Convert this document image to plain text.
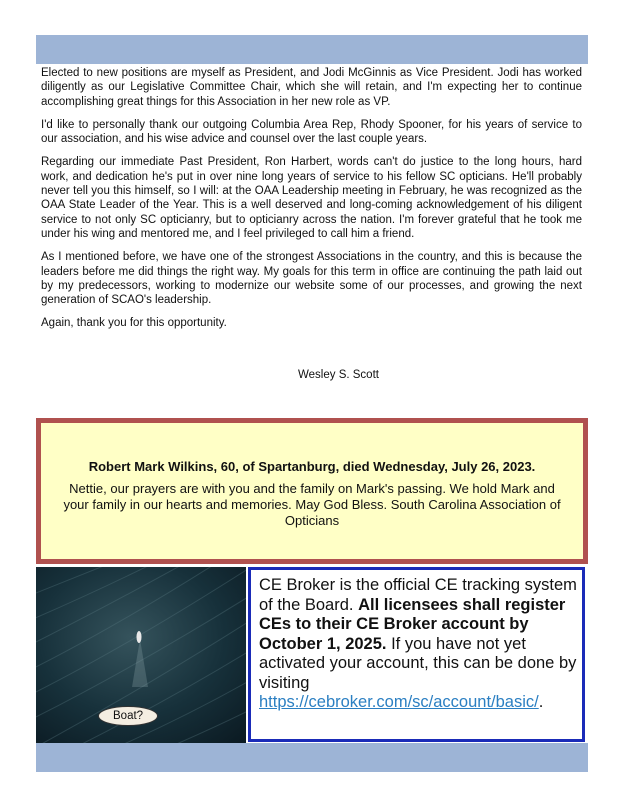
Elected to new positions are myself as President, and Jodi McGinnis as Vice President. Jodi has worked diligently as our Legislative Committee Chair, which she will retain, and I'm expecting her to continue accomplishing great things for this Association in her new role as VP.

I'd like to personally thank our outgoing Columbia Area Rep, Rhody Spooner, for his years of service to our association, and his wise advice and counsel over the last couple years.

Regarding our immediate Past President, Ron Harbert, words can't do justice to the long hours, hard work, and dedication he's put in over nine long years of service to his fellow SC opticians. He'll probably never tell you this himself, so I will: at the OAA Leadership meeting in February, he was recognized as the OAA State Leader of the Year. This is a well deserved and long-coming acknowledgement of his diligent service to not only SC opticianry, but to opticianry across the nation. I'm forever grateful that he took me under his wing and mentored me, and I feel privileged to call him a friend.

As I mentioned before, we have one of the strongest Associations in the country, and this is because the leaders before me did things the right way. My goals for this term in office are continuing the path laid out by my predecessors, working to modernize our website some of our processes, and growing the next generation of SCAO's leadership.

Again, thank you for this opportunity.

Wesley S. Scott
Robert Mark Wilkins, 60, of Spartanburg, died Wednesday, July 26, 2023.
Nettie, our prayers are with you and the family on Mark's passing. We hold Mark and your family in our hearts and memories. May God Bless. South Carolina Association of Opticians
Boat?
CE Broker is the official CE tracking system of the Board. All licensees shall register CEs to their CE Broker account by October 1, 2025. If you have not yet activated your account, this can be done by visiting https://cebroker.com/sc/account/basic/.
